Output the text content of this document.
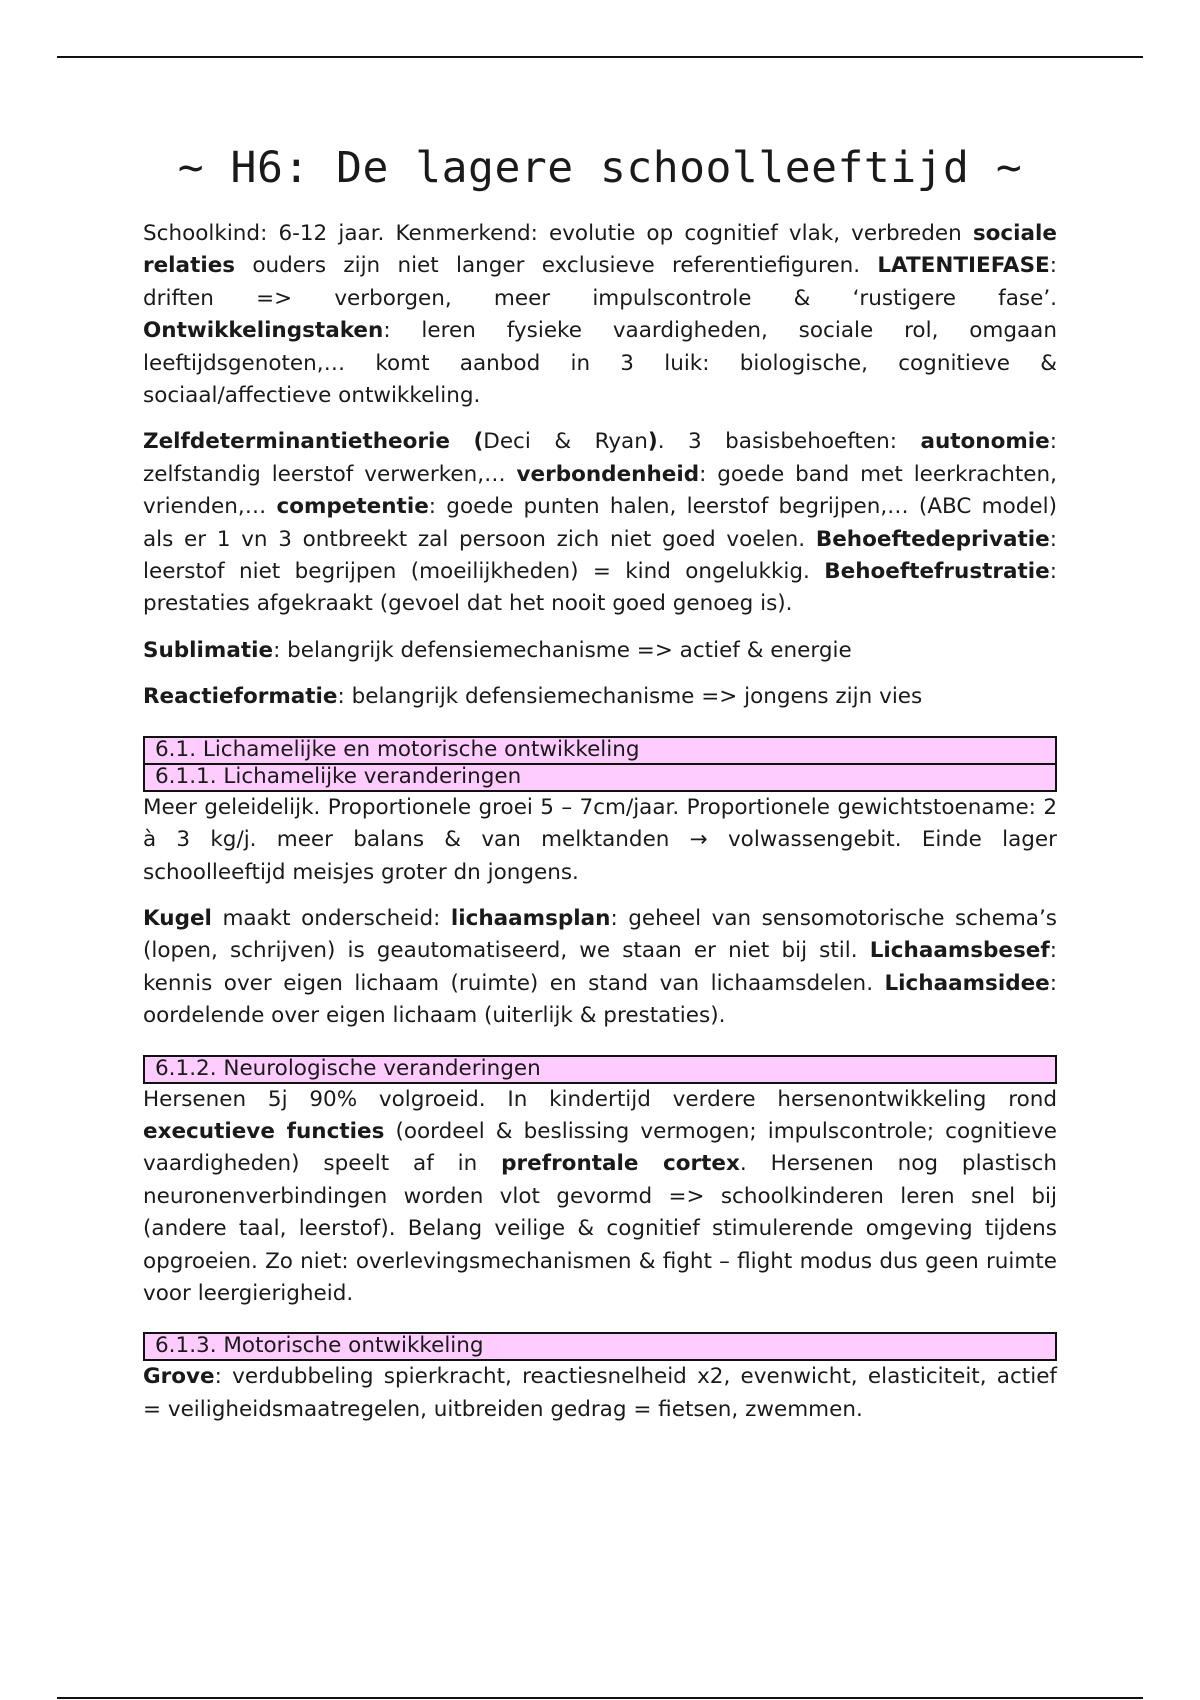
~ H6: De lagere schoolleeftijd ~

Schoolkind: 6-12 jaar. Kenmerkend: evolutie op cognitief vlak, verbreden sociale relaties ouders zijn niet langer exclusieve referentiefiguren. LATENTIEFASE: driften => verborgen, meer impulscontrole & ‘rustigere fase’. Ontwikkelingstaken: leren fysieke vaardigheden, sociale rol, omgaan leeftijdsgenoten,… komt aanbod in 3 luik: biologische, cognitieve & sociaal/affectieve ontwikkeling.

Zelfdeterminantietheorie (Deci & Ryan). 3 basisbehoeften: autonomie: zelfstandig leerstof verwerken,… verbondenheid: goede band met leerkrachten, vrienden,… competentie: goede punten halen, leerstof begrijpen,… (ABC model) als er 1 vn 3 ontbreekt zal persoon zich niet goed voelen. Behoeftedeprivatie: leerstof niet begrijpen (moeilijkheden) = kind ongelukkig. Behoeftefrustratie: prestaties afgekraakt (gevoel dat het nooit goed genoeg is).

Sublimatie: belangrijk defensiemechanisme => actief & energie

Reactieformatie: belangrijk defensiemechanisme => jongens zijn vies

6.1. Lichamelijke en motorische ontwikkeling
6.1.1. Lichamelijke veranderingen

Meer geleidelijk. Proportionele groei 5 – 7cm/jaar. Proportionele gewichtstoename: 2 à 3 kg/j. meer balans & van melktanden → volwassengebit. Einde lager schoolleeftijd meisjes groter dn jongens.

Kugel maakt onderscheid: lichaamsplan: geheel van sensomotorische schema’s (lopen, schrijven) is geautomatiseerd, we staan er niet bij stil. Lichaamsbesef: kennis over eigen lichaam (ruimte) en stand van lichaamsdelen. Lichaamsidee: oordelende over eigen lichaam (uiterlijk & prestaties).

6.1.2. Neurologische veranderingen

Hersenen 5j 90% volgroeid. In kindertijd verdere hersenontwikkeling rond executieve functies (oordeel & beslissing vermogen; impulscontrole; cognitieve vaardigheden) speelt af in prefrontale cortex. Hersenen nog plastisch neuronenverbindingen worden vlot gevormd => schoolkinderen leren snel bij (andere taal, leerstof). Belang veilige & cognitief stimulerende omgeving tijdens opgroeien. Zo niet: overlevingsmechanismen & fight – flight modus dus geen ruimte voor leergierigheid.

6.1.3. Motorische ontwikkeling

Grove: verdubbeling spierkracht, reactiesnelheid x2, evenwicht, elasticiteit, actief = veiligheidsmaatregelen, uitbreiden gedrag = fietsen, zwemmen.
